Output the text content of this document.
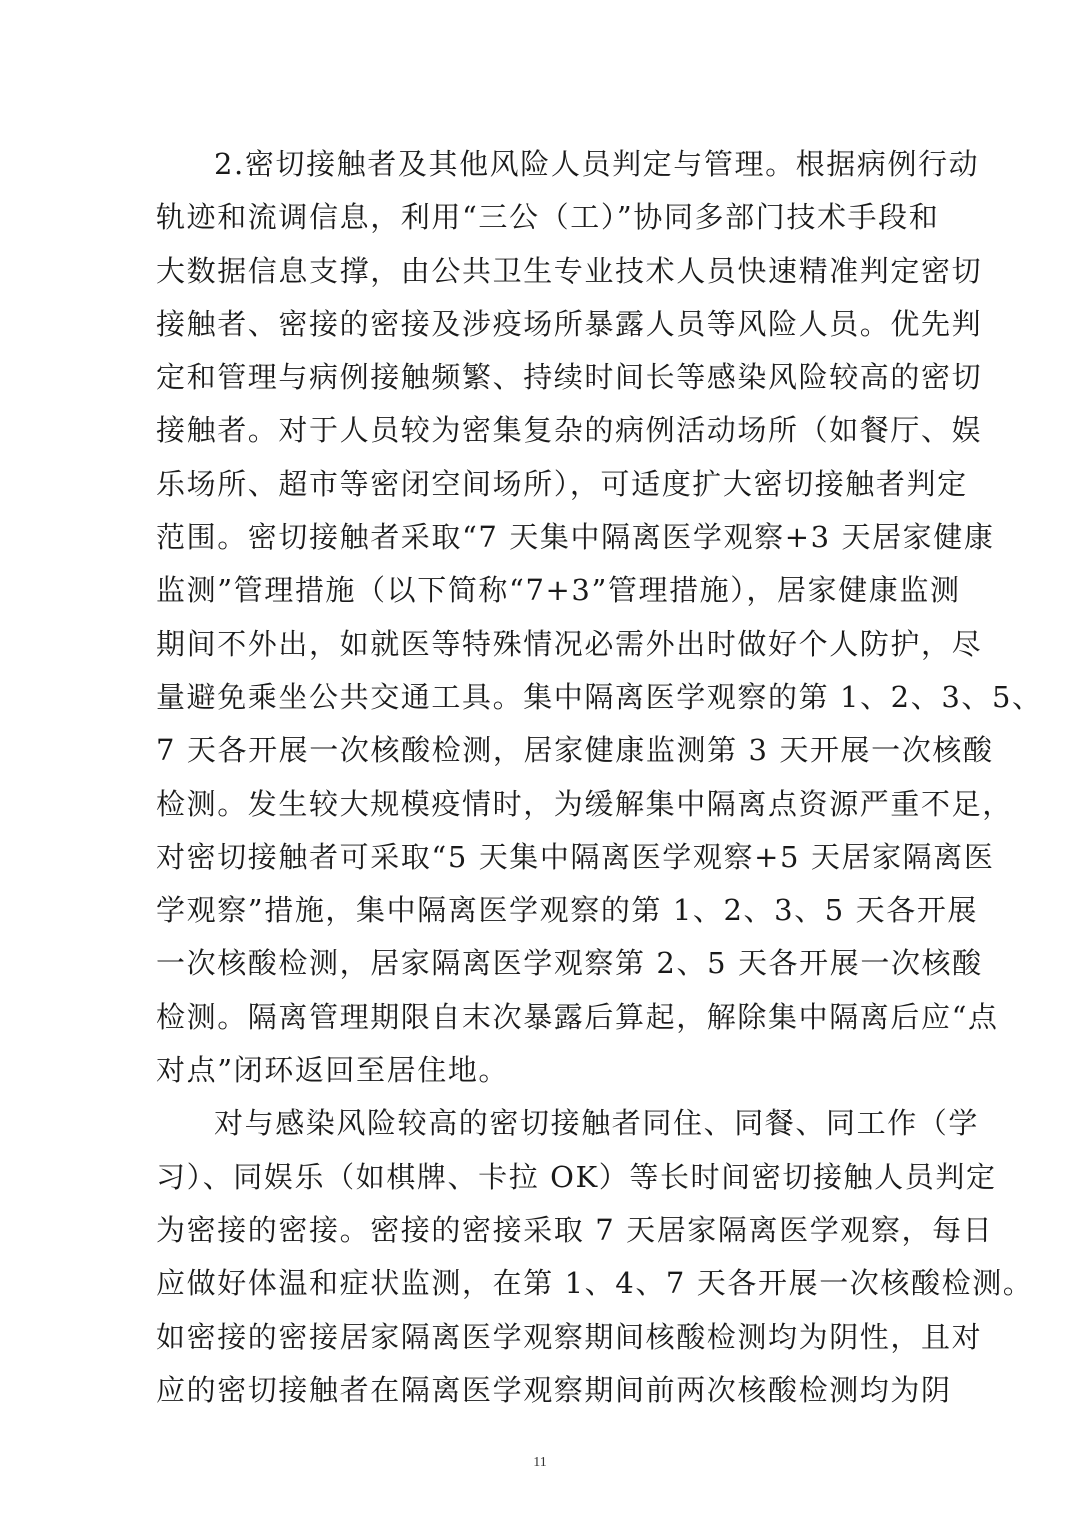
2.密切接触者及其他风险人员判定与管理。根据病例行动
轨迹和流调信息，利用“三公（工）”协同多部门技术手段和
大数据信息支撑，由公共卫生专业技术人员快速精准判定密切
接触者、密接的密接及涉疫场所暴露人员等风险人员。优先判
定和管理与病例接触频繁、持续时间长等感染风险较高的密切
接触者。对于人员较为密集复杂的病例活动场所（如餐厅、娱
乐场所、超市等密闭空间场所），可适度扩大密切接触者判定
范围。密切接触者采取“7 天集中隔离医学观察+3 天居家健康
监测”管理措施（以下简称“7+3”管理措施），居家健康监测
期间不外出，如就医等特殊情况必需外出时做好个人防护，尽
量避免乘坐公共交通工具。集中隔离医学观察的第 1、2、3、5、
7 天各开展一次核酸检测，居家健康监测第 3 天开展一次核酸
检测。发生较大规模疫情时，为缓解集中隔离点资源严重不足，
对密切接触者可采取“5 天集中隔离医学观察+5 天居家隔离医
学观察”措施，集中隔离医学观察的第 1、2、3、5 天各开展
一次核酸检测，居家隔离医学观察第 2、5 天各开展一次核酸
检测。隔离管理期限自末次暴露后算起，解除集中隔离后应“点
对点”闭环返回至居住地。

对与感染风险较高的密切接触者同住、同餐、同工作（学
习）、同娱乐（如棋牌、卡拉 OK）等长时间密切接触人员判定
为密接的密接。密接的密接采取 7 天居家隔离医学观察，每日
应做好体温和症状监测，在第 1、4、7 天各开展一次核酸检测。
如密接的密接居家隔离医学观察期间核酸检测均为阴性，且对
应的密切接触者在隔离医学观察期间前两次核酸检测均为阴

11
